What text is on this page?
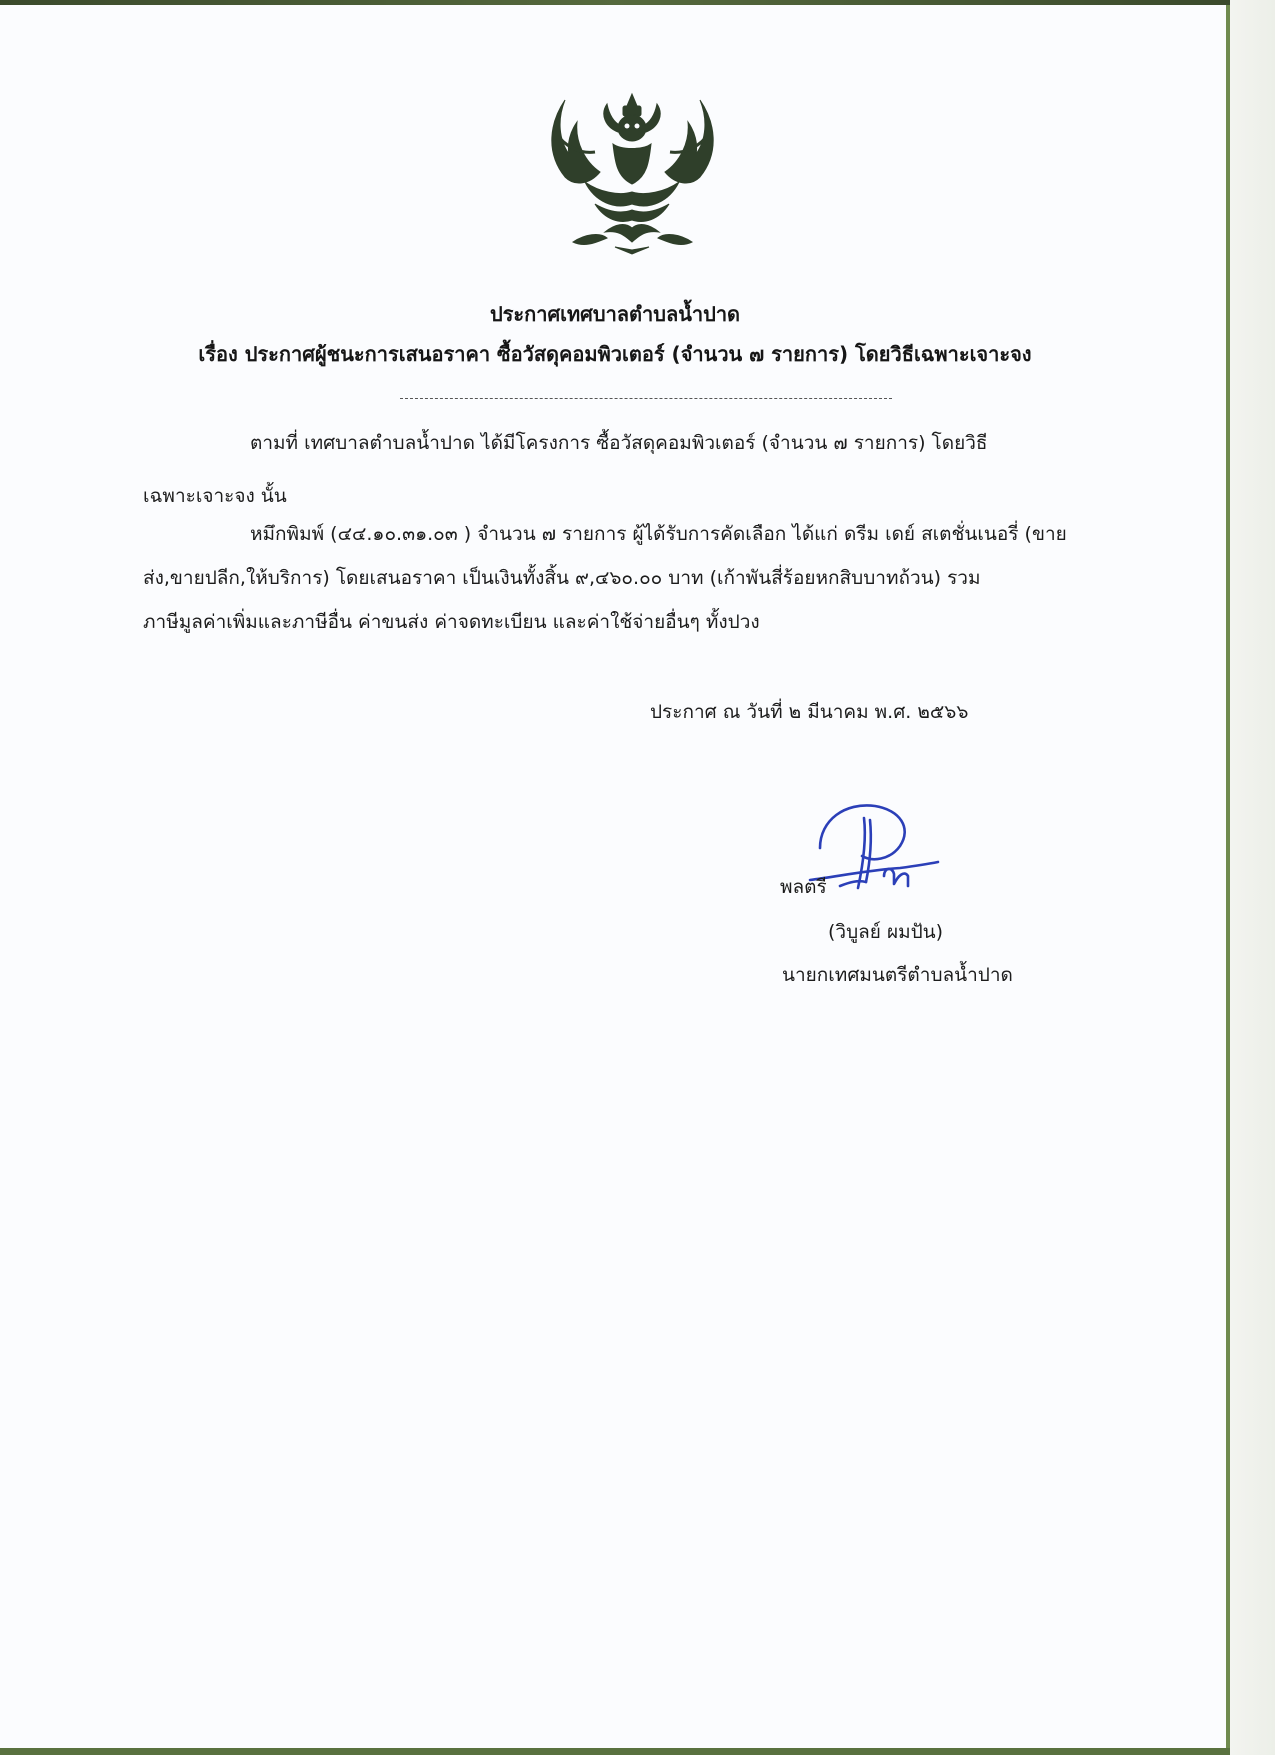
ประกาศเทศบาลตำบลน้ำปาด
เรื่อง ประกาศผู้ชนะการเสนอราคา ซื้อวัสดุคอมพิวเตอร์ (จำนวน ๗ รายการ) โดยวิธีเฉพาะเจาะจง
ตามที่ เทศบาลตำบลน้ำปาด ได้มีโครงการ ซื้อวัสดุคอมพิวเตอร์ (จำนวน ๗ รายการ) โดยวิธี
เฉพาะเจาะจง นั้น
หมึกพิมพ์ (๔๔.๑๐.๓๑.๐๓ ) จำนวน ๗ รายการ ผู้ได้รับการคัดเลือก ได้แก่ ดรีม เดย์ สเตชั่นเนอรี่ (ขาย
ส่ง,ขายปลีก,ให้บริการ) โดยเสนอราคา เป็นเงินทั้งสิ้น ๙,๔๖๐.๐๐ บาท (เก้าพันสี่ร้อยหกสิบบาทถ้วน) รวม
ภาษีมูลค่าเพิ่มและภาษีอื่น ค่าขนส่ง ค่าจดทะเบียน และค่าใช้จ่ายอื่นๆ ทั้งปวง
ประกาศ ณ วันที่ ๒ มีนาคม พ.ศ. ๒๕๖๖
พลตรี
(วิบูลย์ ผมปัน)
นายกเทศมนตรีตำบลน้ำปาด
